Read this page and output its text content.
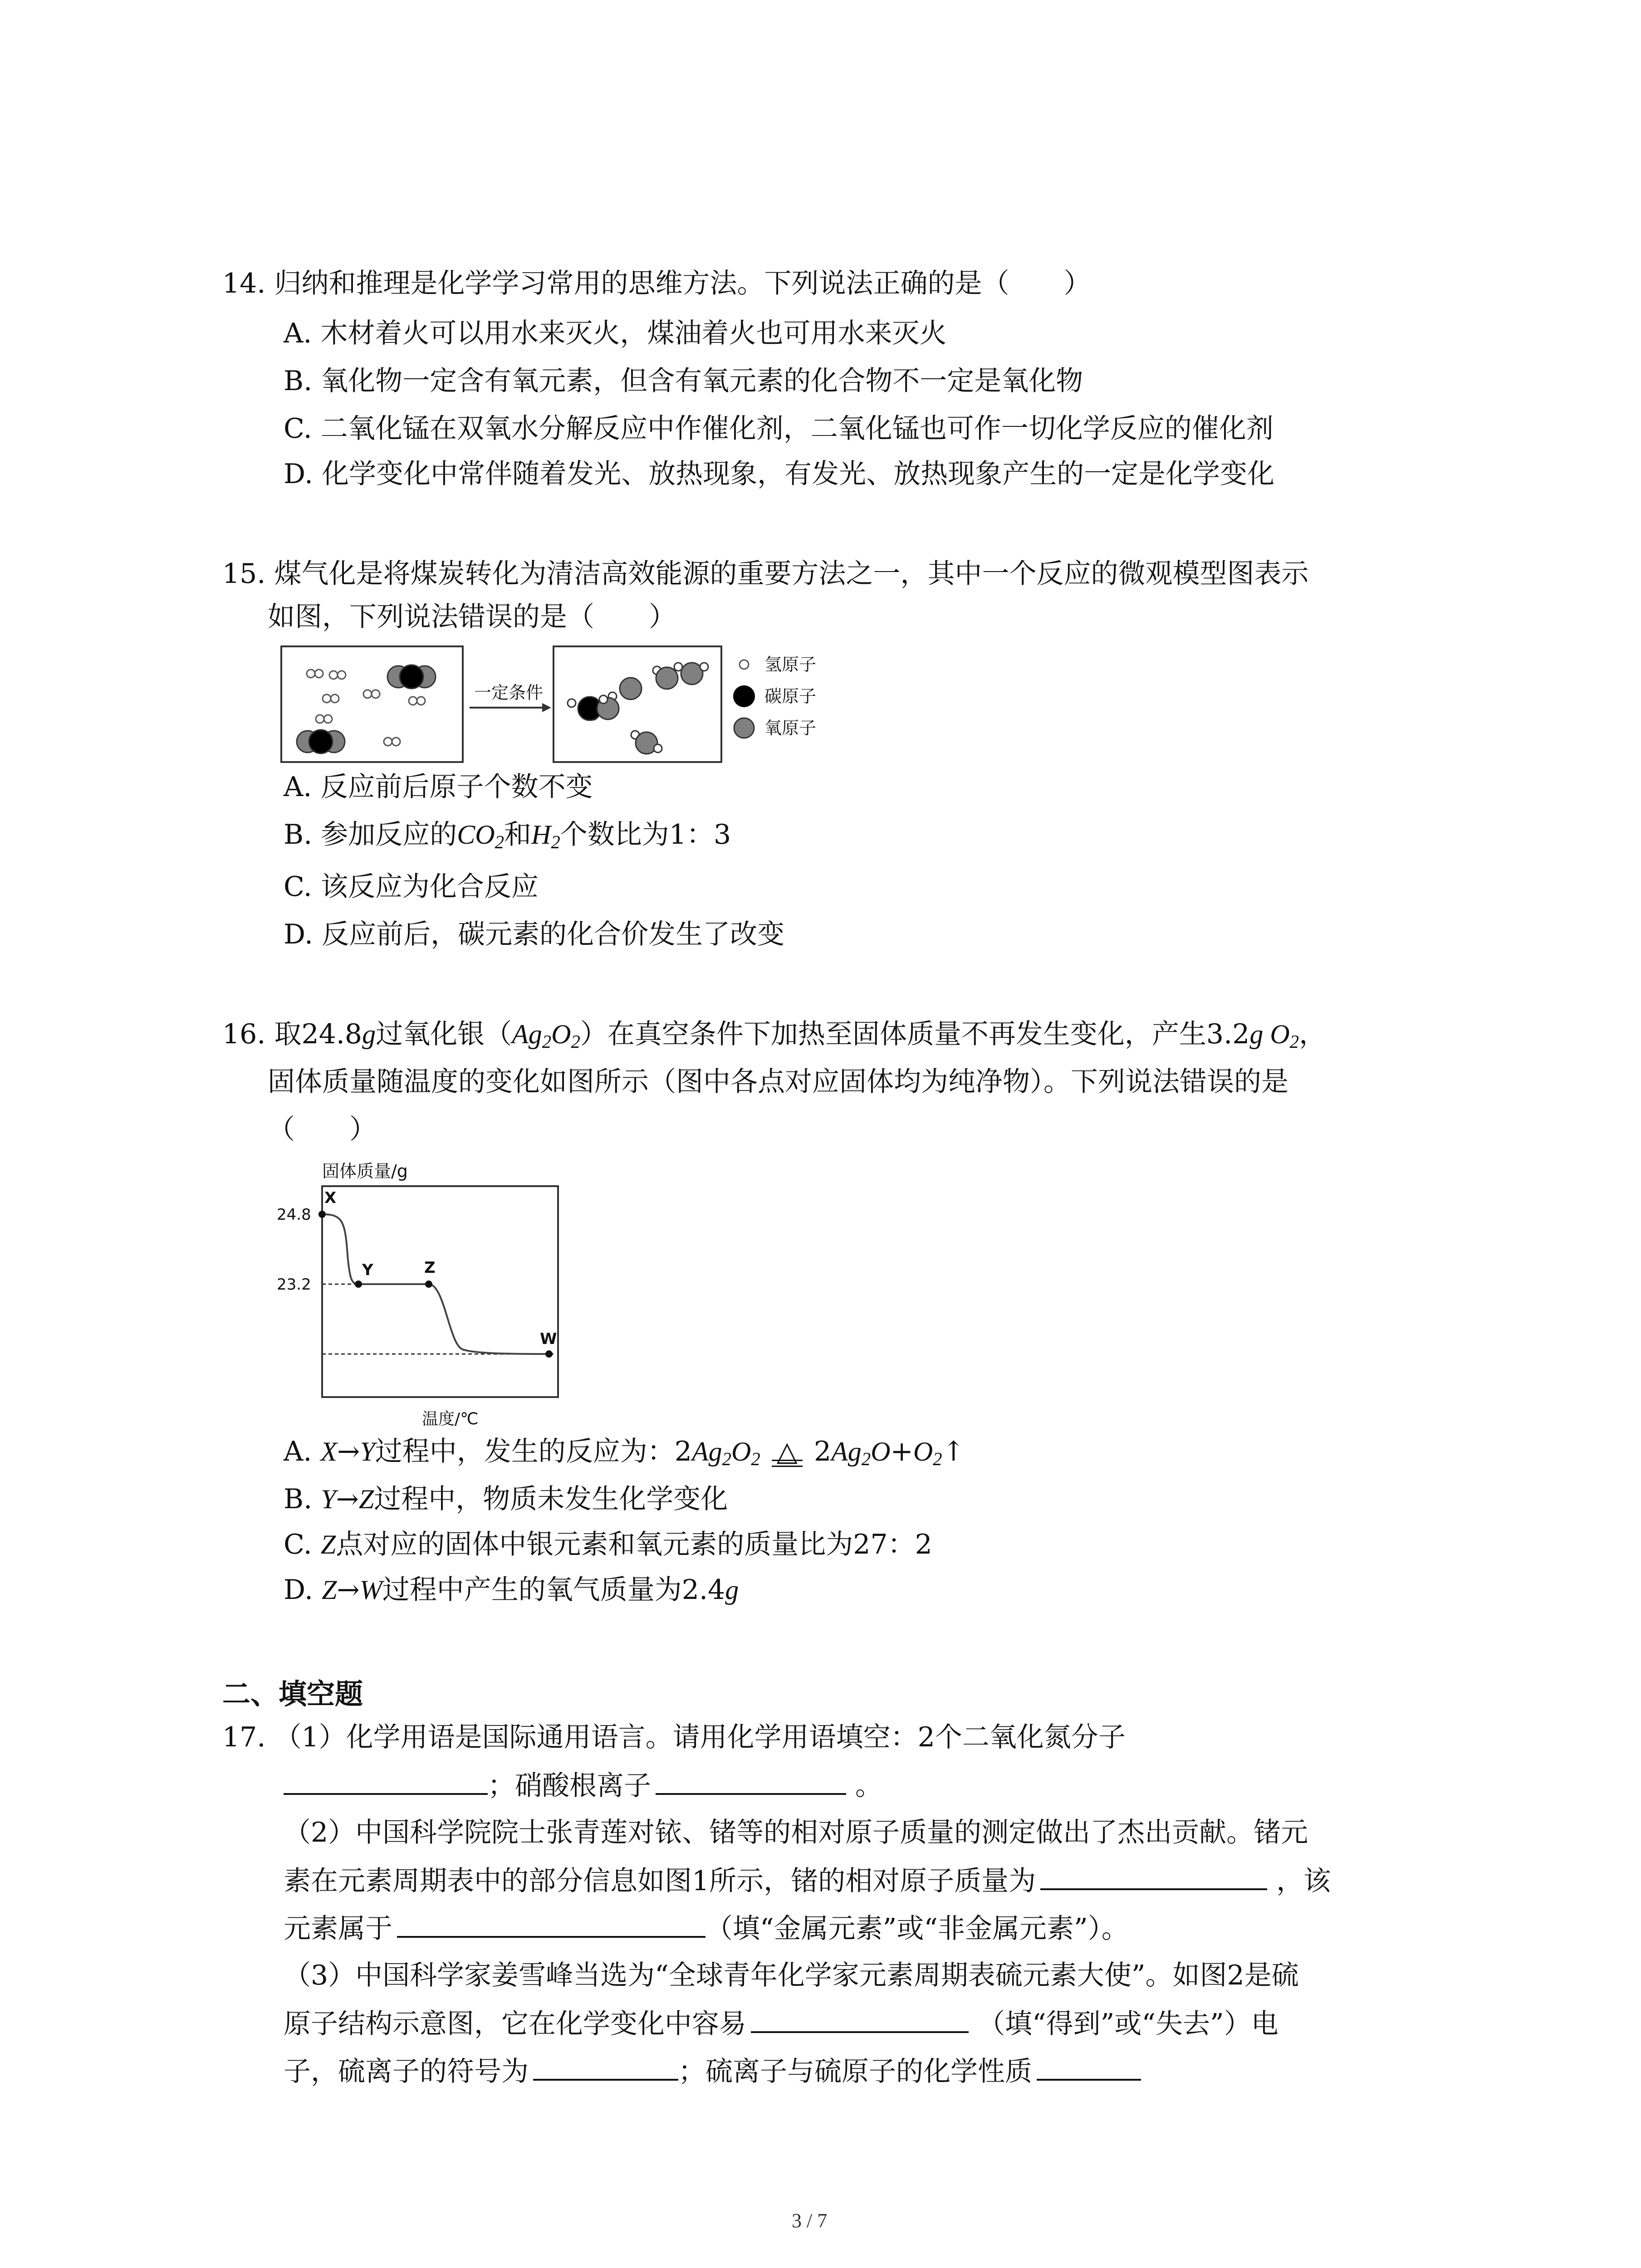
14. 归纳和推理是化学学习常用的思维方法。下列说法正确的是（　　）
A. 木材着火可以用水来灭火，煤油着火也可用水来灭火
B. 氧化物一定含有氧元素，但含有氧元素的化合物不一定是氧化物
C. 二氧化锰在双氧水分解反应中作催化剂，二氧化锰也可作一切化学反应的催化剂
D. 化学变化中常伴随着发光、放热现象，有发光、放热现象产生的一定是化学变化
15. 煤气化是将煤炭转化为清洁高效能源的重要方法之一，其中一个反应的微观模型图表示
如图，下列说法错误的是（　　）
一定条件
氢原子
碳原子
氧原子
A. 反应前后原子个数不变
B. 参加反应的$CO_2$和$H_2$个数比为1：3
C. 该反应为化合反应
D. 反应前后，碳元素的化合价发生了改变
16. 取24.8g过氧化银$(Ag_2O_2)$在真空条件下加热至固体质量不再发生变化，产生3.2g $O_2$，
固体质量随温度的变化如图所示（图中各点对应固体均为纯净物）。下列说法错误的是
（　　）
固体质量/g
24.8
23.2
X
Y	Z
W
温度/℃
A. X→Y过程中，发生的反应为：$2Ag_2O_2$ △ $2Ag_2O+O_2↑$
B. Y→Z过程中，物质未发生化学变化
C. Z点对应的固体中银元素和氧元素的质量比为27：2
D. Z→W过程中产生的氧气质量为2.4g
二、填空题
17. （1）化学用语是国际通用语言。请用化学用语填空：2个二氧化氮分子
；硝酸根离子	。
（2）中国科学院院士张青莲对铱、锗等的相对原子质量的测定做出了杰出贡献。锗元
素在元素周期表中的部分信息如图1所示，锗的相对原子质量为	，该
元素属于	（填“金属元素”或“非金属元素”）。
（3）中国科学家姜雪峰当选为“全球青年化学家元素周期表硫元素大使”。如图2是硫
原子结构示意图，它在化学变化中容易	（填“得到”或“失去”）电
子，硫离子的符号为	；硫离子与硫原子的化学性质
3 / 7
